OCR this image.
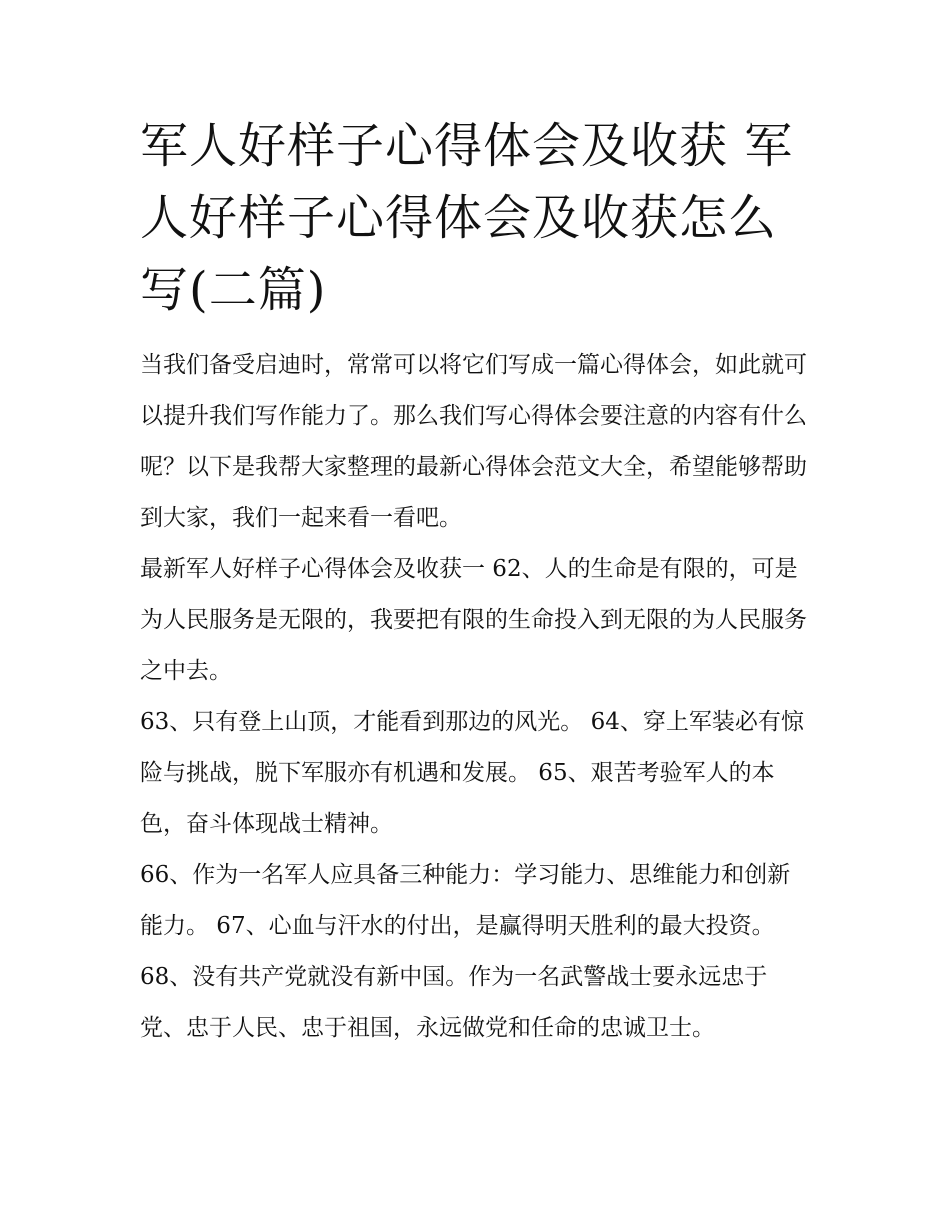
军人好样子心得体会及收获 军人好样子心得体会及收获怎么写(二篇)

当我们备受启迪时，常常可以将它们写成一篇心得体会，如此就可以提升我们写作能力了。那么我们写心得体会要注意的内容有什么呢？以下是我帮大家整理的最新心得体会范文大全，希望能够帮助到大家，我们一起来看一看吧。

最新军人好样子心得体会及收获一 62、人的生命是有限的，可是为人民服务是无限的，我要把有限的生命投入到无限的为人民服务之中去。

63、只有登上山顶，才能看到那边的风光。 64、穿上军装必有惊险与挑战，脱下军服亦有机遇和发展。 65、艰苦考验军人的本色，奋斗体现战士精神。

66、作为一名军人应具备三种能力：学习能力、思维能力和创新能力。 67、心血与汗水的付出，是赢得明天胜利的最大投资。

68、没有共产党就没有新中国。作为一名武警战士要永远忠于党、忠于人民、忠于祖国，永远做党和任命的忠诚卫士。
